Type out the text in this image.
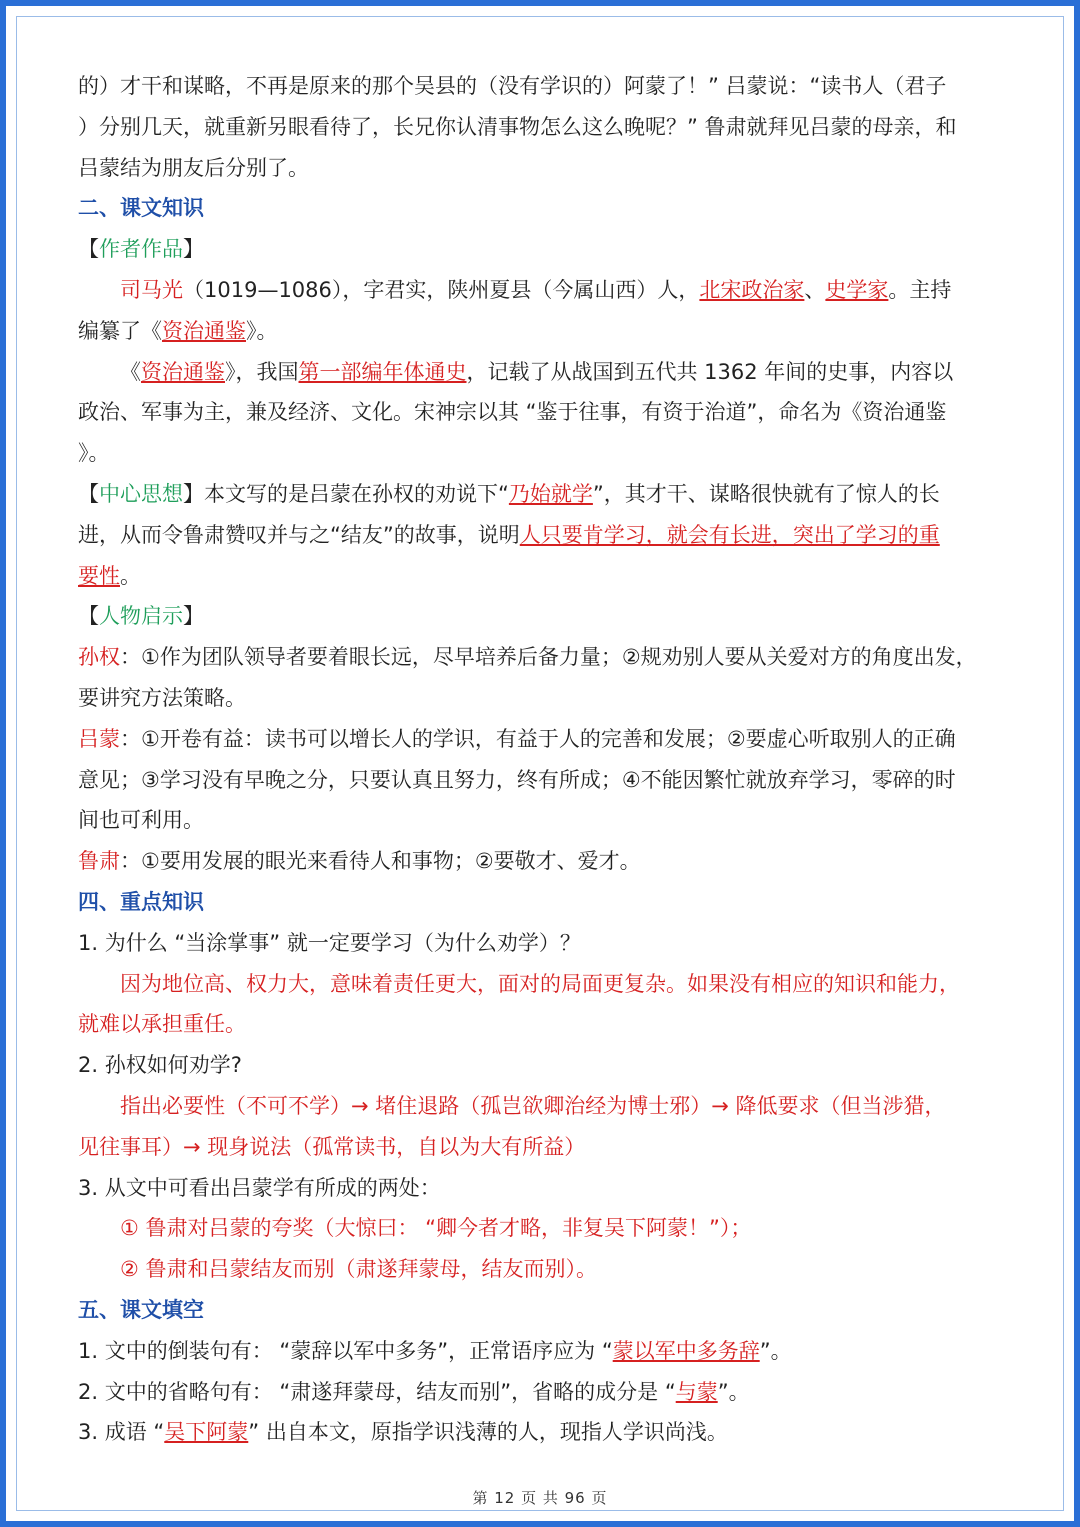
的）才干和谋略，不再是原来的那个吴县的（没有学识的）阿蒙了！” 吕蒙说：“读书人（君子

）分别几天，就重新另眼看待了，长兄你认清事物怎么这么晚呢？” 鲁肃就拜见吕蒙的母亲，和

吕蒙结为朋友后分别了。

二、课文知识

【作者作品】

司马光（1019—1086），字君实，陕州夏县（今属山西）人，北宋政治家、史学家。主持
编纂了《资治通鉴》。

《资治通鉴》，我国第一部编年体通史，记载了从战国到五代共 1362 年间的史事，内容以

政治、军事为主，兼及经济、文化。宋神宗以其 “鉴于往事，有资于治道”，命名为《资治通鉴

》。

【中心思想】本文写的是吕蒙在孙权的劝说下“乃始就学”，其才干、谋略很快就有了惊人的长
进，从而令鲁肃赞叹并与之“结友”的故事，说明人只要肯学习，就会有长进，突出了学习的重
要性。

【人物启示】

孙权：①作为团队领导者要着眼长远，尽早培养后备力量；②规劝别人要从关爱对方的角度出发，
要讲究方法策略。

吕蒙：①开卷有益：读书可以增长人的学识，有益于人的完善和发展；②要虚心听取别人的正确
意见；③学习没有早晚之分，只要认真且努力，终有所成；④不能因繁忙就放弃学习，零碎的时
间也可利用。

鲁肃：①要用发展的眼光来看待人和事物；②要敬才、爱才。

四、重点知识

1. 为什么 “当涂掌事” 就一定要学习（为什么劝学）？

因为地位高、权力大，意味着责任更大，面对的局面更复杂。如果没有相应的知识和能力，

就难以承担重任。

2. 孙权如何劝学?

指出必要性（不可不学）→ 堵住退路（孤岂欲卿治经为博士邪）→ 降低要求（但当涉猎，

见往事耳）→ 现身说法（孤常读书，自以为大有所益）

3. 从文中可看出吕蒙学有所成的两处：

① 鲁肃对吕蒙的夸奖（大惊曰： “卿今者才略，非复吴下阿蒙！”）；

② 鲁肃和吕蒙结友而别（肃遂拜蒙母，结友而别）。

五、课文填空

1. 文中的倒装句有： “蒙辞以军中多务”，正常语序应为 “蒙以军中多务辞”。

2. 文中的省略句有： “肃遂拜蒙母，结友而别”，省略的成分是 “与蒙”。

3. 成语 “吴下阿蒙” 出自本文，原指学识浅薄的人，现指人学识尚浅。

第 12 页 共 96 页
